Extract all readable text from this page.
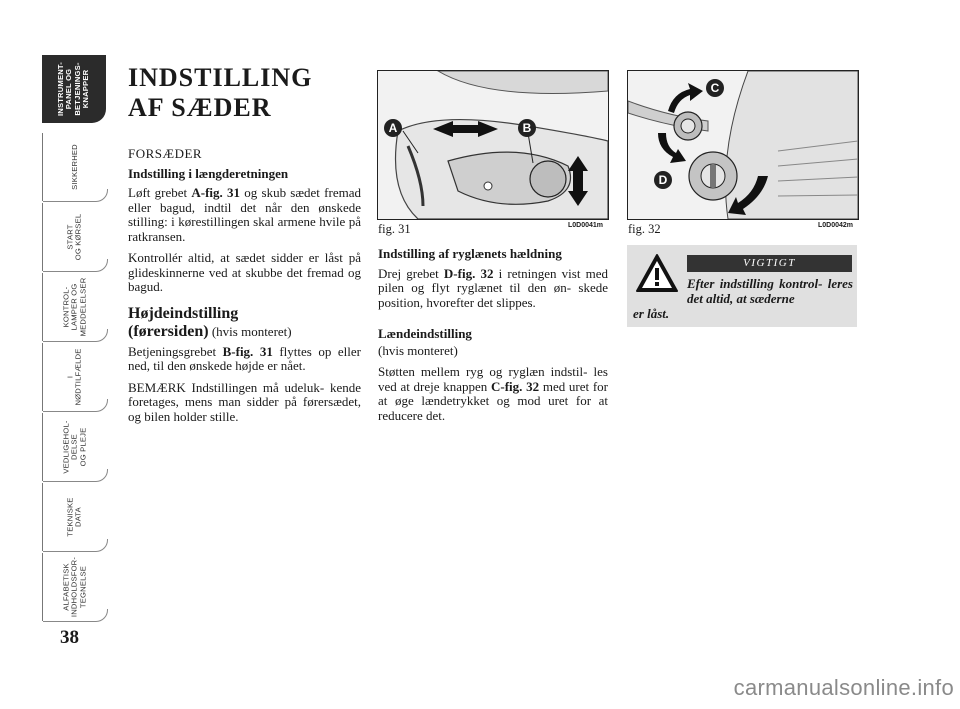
INSTRUMENT-
PANEL OG
BETJENINGS-
KNAPPER
SIKKERHED
START
OG KØRSEL
KONTROL-
LAMPER OG
MEDDELELSER
I
NØDTILFÆLDE
VEDLIGEHOL-
DELSE
OG PLEJE
TEKNISKE
DATA
ALFABETISK
INDHOLDSFOR-
TEGNELSE
38
INDSTILLING
AF SÆDER

FORSÆDER

Indstilling i længderetningen

Løft grebet A-fig. 31 og skub sædet fremad eller bagud, indtil det når den ønskede stilling: i kørestillingen skal armene hvile på ratkransen.

Kontrollér altid, at sædet sidder er låst på glideskinnerne ved at skubbe det fremad og bagud.

Højdeindstilling
(førersiden) (hvis monteret)

Betjeningsgrebet B-fig. 31 flyttes op eller ned, til den ønskede højde er nået.

BEMÆRK Indstillingen må udeluk- kende foretages, mens man sidder på førersædet, og bilen holder stille.

A	B
fig. 31	L0D0041m
C
D
fig. 32	L0D0042m

Indstilling af ryglænets hældning

Drej grebet D-fig. 32 i retningen vist med pilen og flyt ryglænet til den øn- skede position, hvorefter det slippes.

Lændeindstilling

(hvis monteret)

Støtten mellem ryg og ryglæn indstil- les ved at dreje knappen C-fig. 32 med uret for at øge lændetrykket og mod uret for at reducere det.

VIGTIGT
Efter indstilling kontrol- leres det altid, at sæderne
er låst.
carmanualsonline.info
